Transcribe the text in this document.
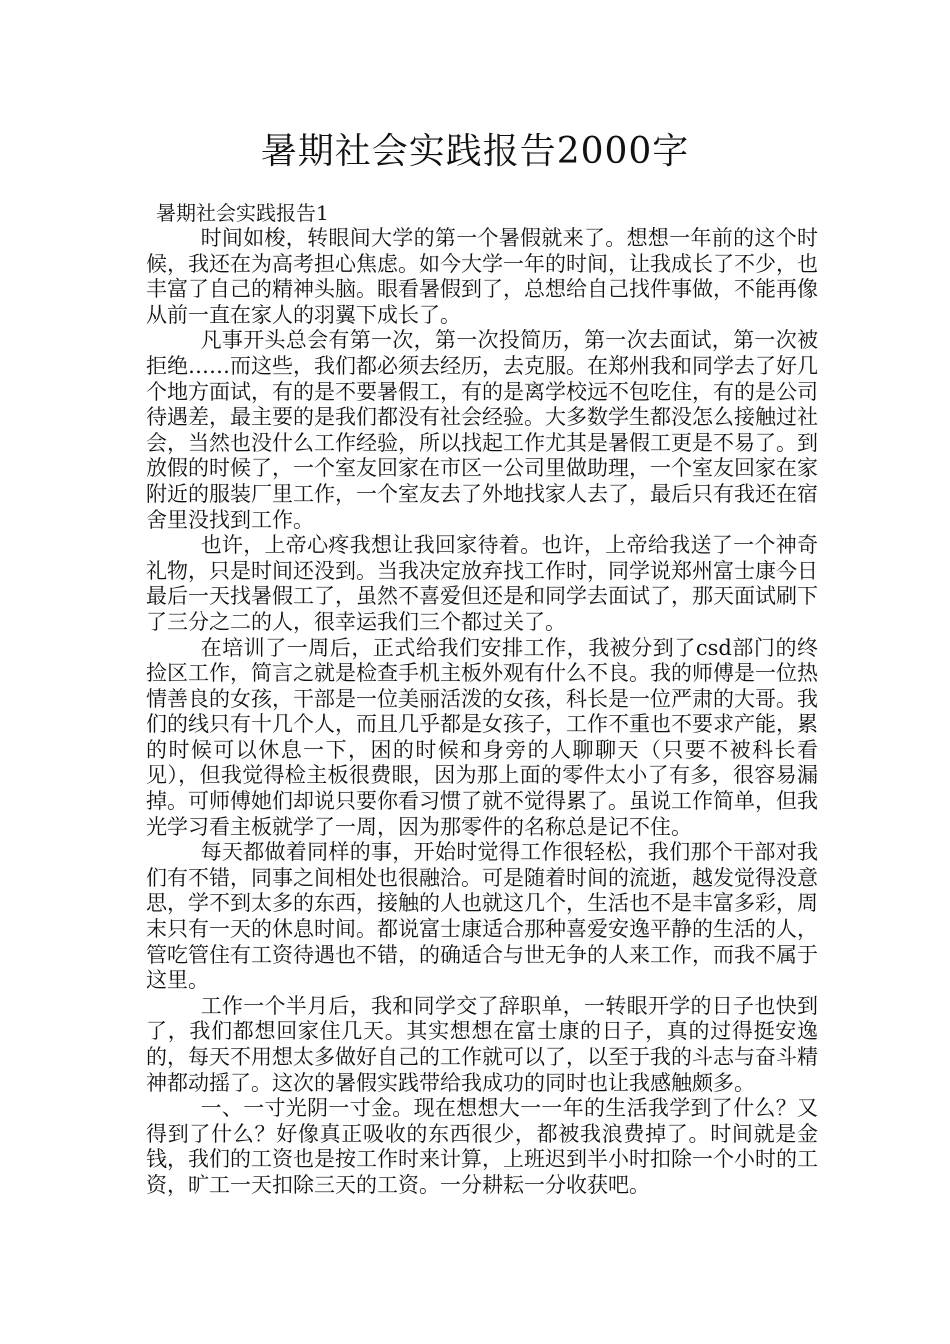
暑期社会实践报告2000字
暑期社会实践报告1

时间如梭，转眼间大学的第一个暑假就来了。想想一年前的这个时候，我还在为高考担心焦虑。如今大学一年的时间，让我成长了不少，也丰富了自己的精神头脑。眼看暑假到了，总想给自己找件事做，不能再像从前一直在家人的羽翼下成长了。

凡事开头总会有第一次，第一次投简历，第一次去面试，第一次被拒绝……而这些，我们都必须去经历，去克服。在郑州我和同学去了好几个地方面试，有的是不要暑假工，有的是离学校远不包吃住，有的是公司待遇差，最主要的是我们都没有社会经验。大多数学生都没怎么接触过社会，当然也没什么工作经验，所以找起工作尤其是暑假工更是不易了。到放假的时候了，一个室友回家在市区一公司里做助理，一个室友回家在家附近的服装厂里工作，一个室友去了外地找家人去了，最后只有我还在宿舍里没找到工作。

也许，上帝心疼我想让我回家待着。也许，上帝给我送了一个神奇礼物，只是时间还没到。当我决定放弃找工作时，同学说郑州富士康今日最后一天找暑假工了，虽然不喜爱但还是和同学去面试了，那天面试刷下了三分之二的人，很幸运我们三个都过关了。

在培训了一周后，正式给我们安排工作，我被分到了csd部门的终捡区工作，简言之就是检查手机主板外观有什么不良。我的师傅是一位热情善良的女孩，干部是一位美丽活泼的女孩，科长是一位严肃的大哥。我们的线只有十几个人，而且几乎都是女孩子，工作不重也不要求产能，累的时候可以休息一下，困的时候和身旁的人聊聊天（只要不被科长看见），但我觉得检主板很费眼，因为那上面的零件太小了有多，很容易漏掉。可师傅她们却说只要你看习惯了就不觉得累了。虽说工作简单，但我光学习看主板就学了一周，因为那零件的名称总是记不住。

每天都做着同样的事，开始时觉得工作很轻松，我们那个干部对我们有不错，同事之间相处也很融洽。可是随着时间的流逝，越发觉得没意思，学不到太多的东西，接触的人也就这几个，生活也不是丰富多彩，周末只有一天的休息时间。都说富士康适合那种喜爱安逸平静的生活的人，管吃管住有工资待遇也不错，的确适合与世无争的人来工作，而我不属于这里。

工作一个半月后，我和同学交了辞职单，一转眼开学的日子也快到了，我们都想回家住几天。其实想想在富士康的日子，真的过得挺安逸的，每天不用想太多做好自己的工作就可以了，以至于我的斗志与奋斗精神都动摇了。这次的暑假实践带给我成功的同时也让我感触颇多。

一、一寸光阴一寸金。现在想想大一一年的生活我学到了什么？又得到了什么？好像真正吸收的东西很少，都被我浪费掉了。时间就是金钱，我们的工资也是按工作时来计算，上班迟到半小时扣除一个小时的工资，旷工一天扣除三天的工资。一分耕耘一分收获吧。
